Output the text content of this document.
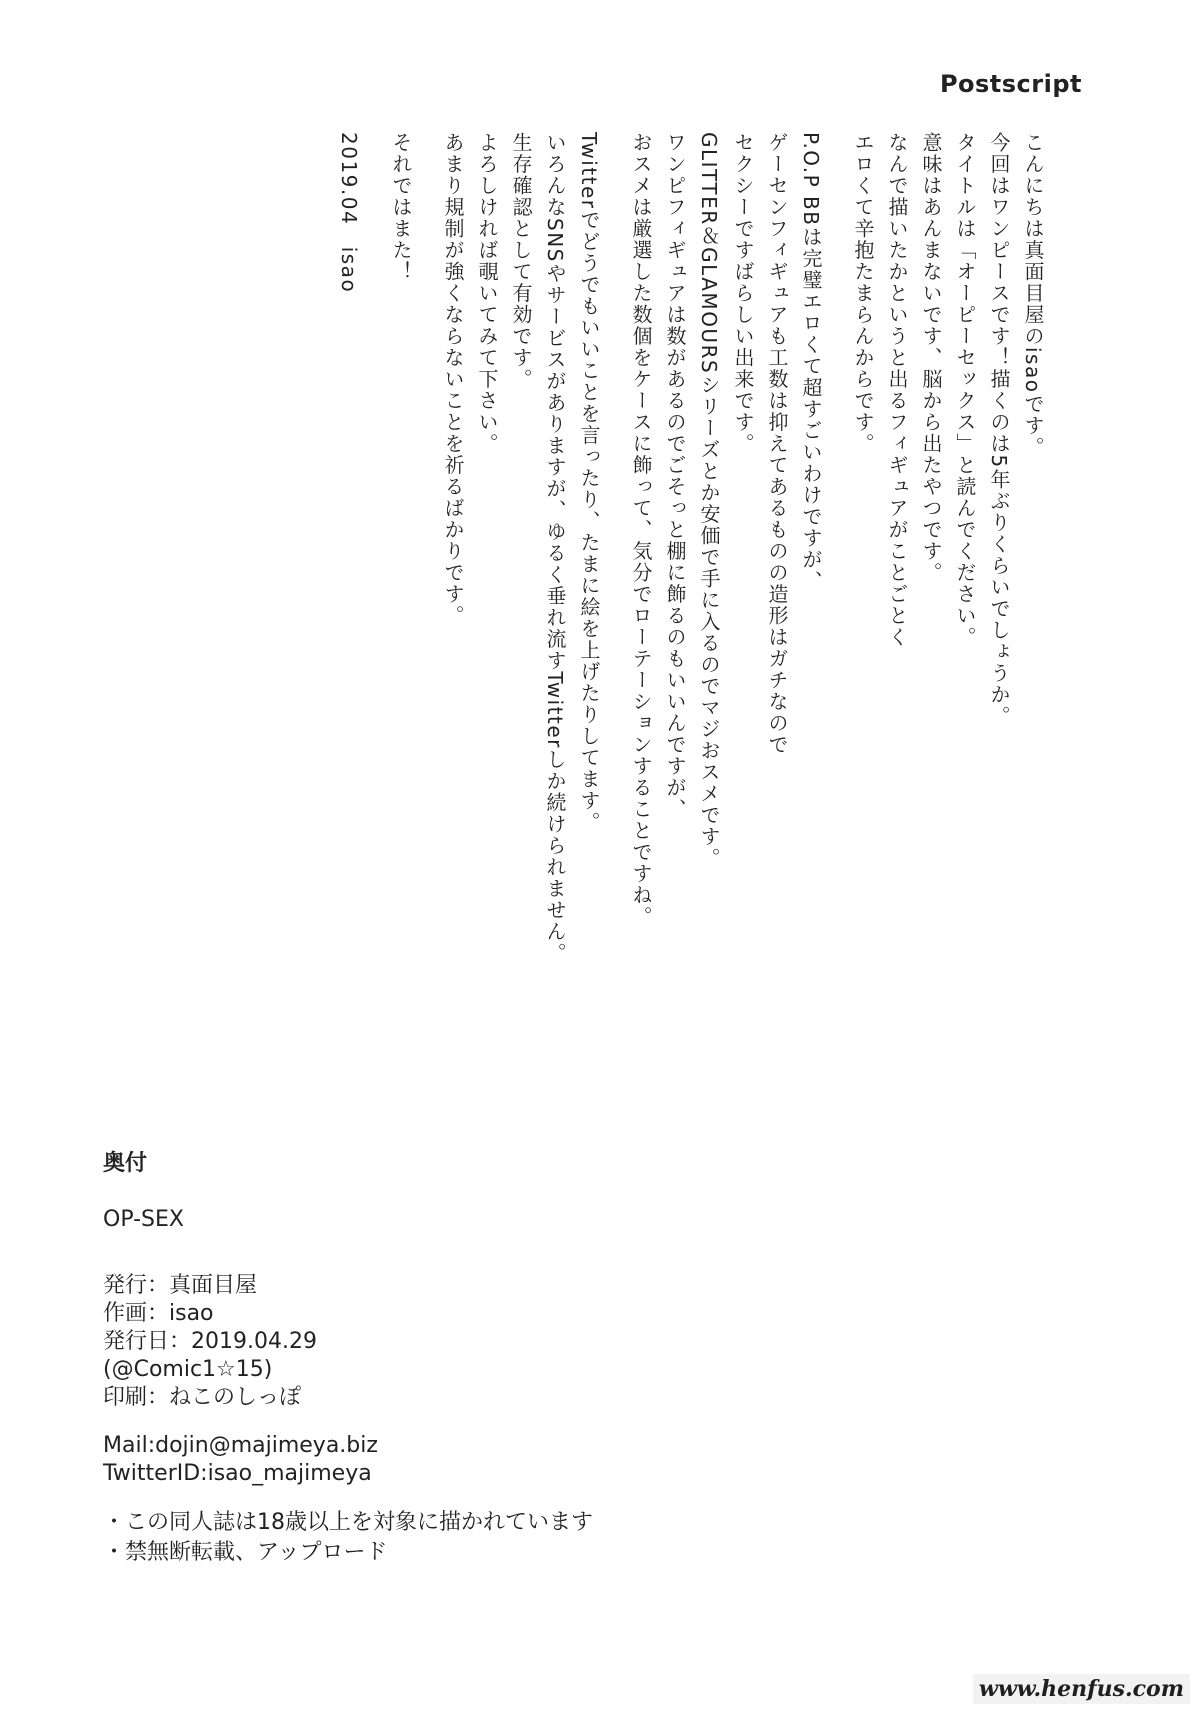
Postscript
こんにちは真面目屋のisaoです。
今回はワンピースです！描くのは5年ぶりくらいでしょうか。
タイトルは「オーピーセックス」と読んでください。
意味はあんまないです、脳から出たやつです。
なんで描いたかというと出るフィギュアがことごとく
エロくて辛抱たまらんからです。
P.O.P BBは完璧エロくて超すごいわけですが、
ゲーセンフィギュアも工数は抑えてあるものの造形はガチなので
セクシーですばらしい出来です。
GLITTER＆GLAMOURSシリーズとか安価で手に入るのでマジおスメです。
ワンピフィギュアは数があるのでごそっと棚に飾るのもいいんですが、
おスメは厳選した数個をケースに飾って、気分でローテーションすることですね。
Twitterでどうでもいいことを言ったり、たまに絵を上げたりしてます。
いろんなSNSやサービスがありますが、ゆるく垂れ流すTwitterしか続けられません。
生存確認として有効です。
よろしければ覗いてみて下さい。
あまり規制が強くならないことを祈るばかりです。
それではまた！
2019.04　isao
奥付
OP-SEX
発行：真面目屋
作画：isao
発行日：2019.04.29
(@Comic1☆15)
印刷：ねこのしっぽ
Mail:dojin@majimeya.biz
TwitterID:isao_majimeya
・この同人誌は18歳以上を対象に描かれています
・禁無断転載、アップロード
www.henfus.com
